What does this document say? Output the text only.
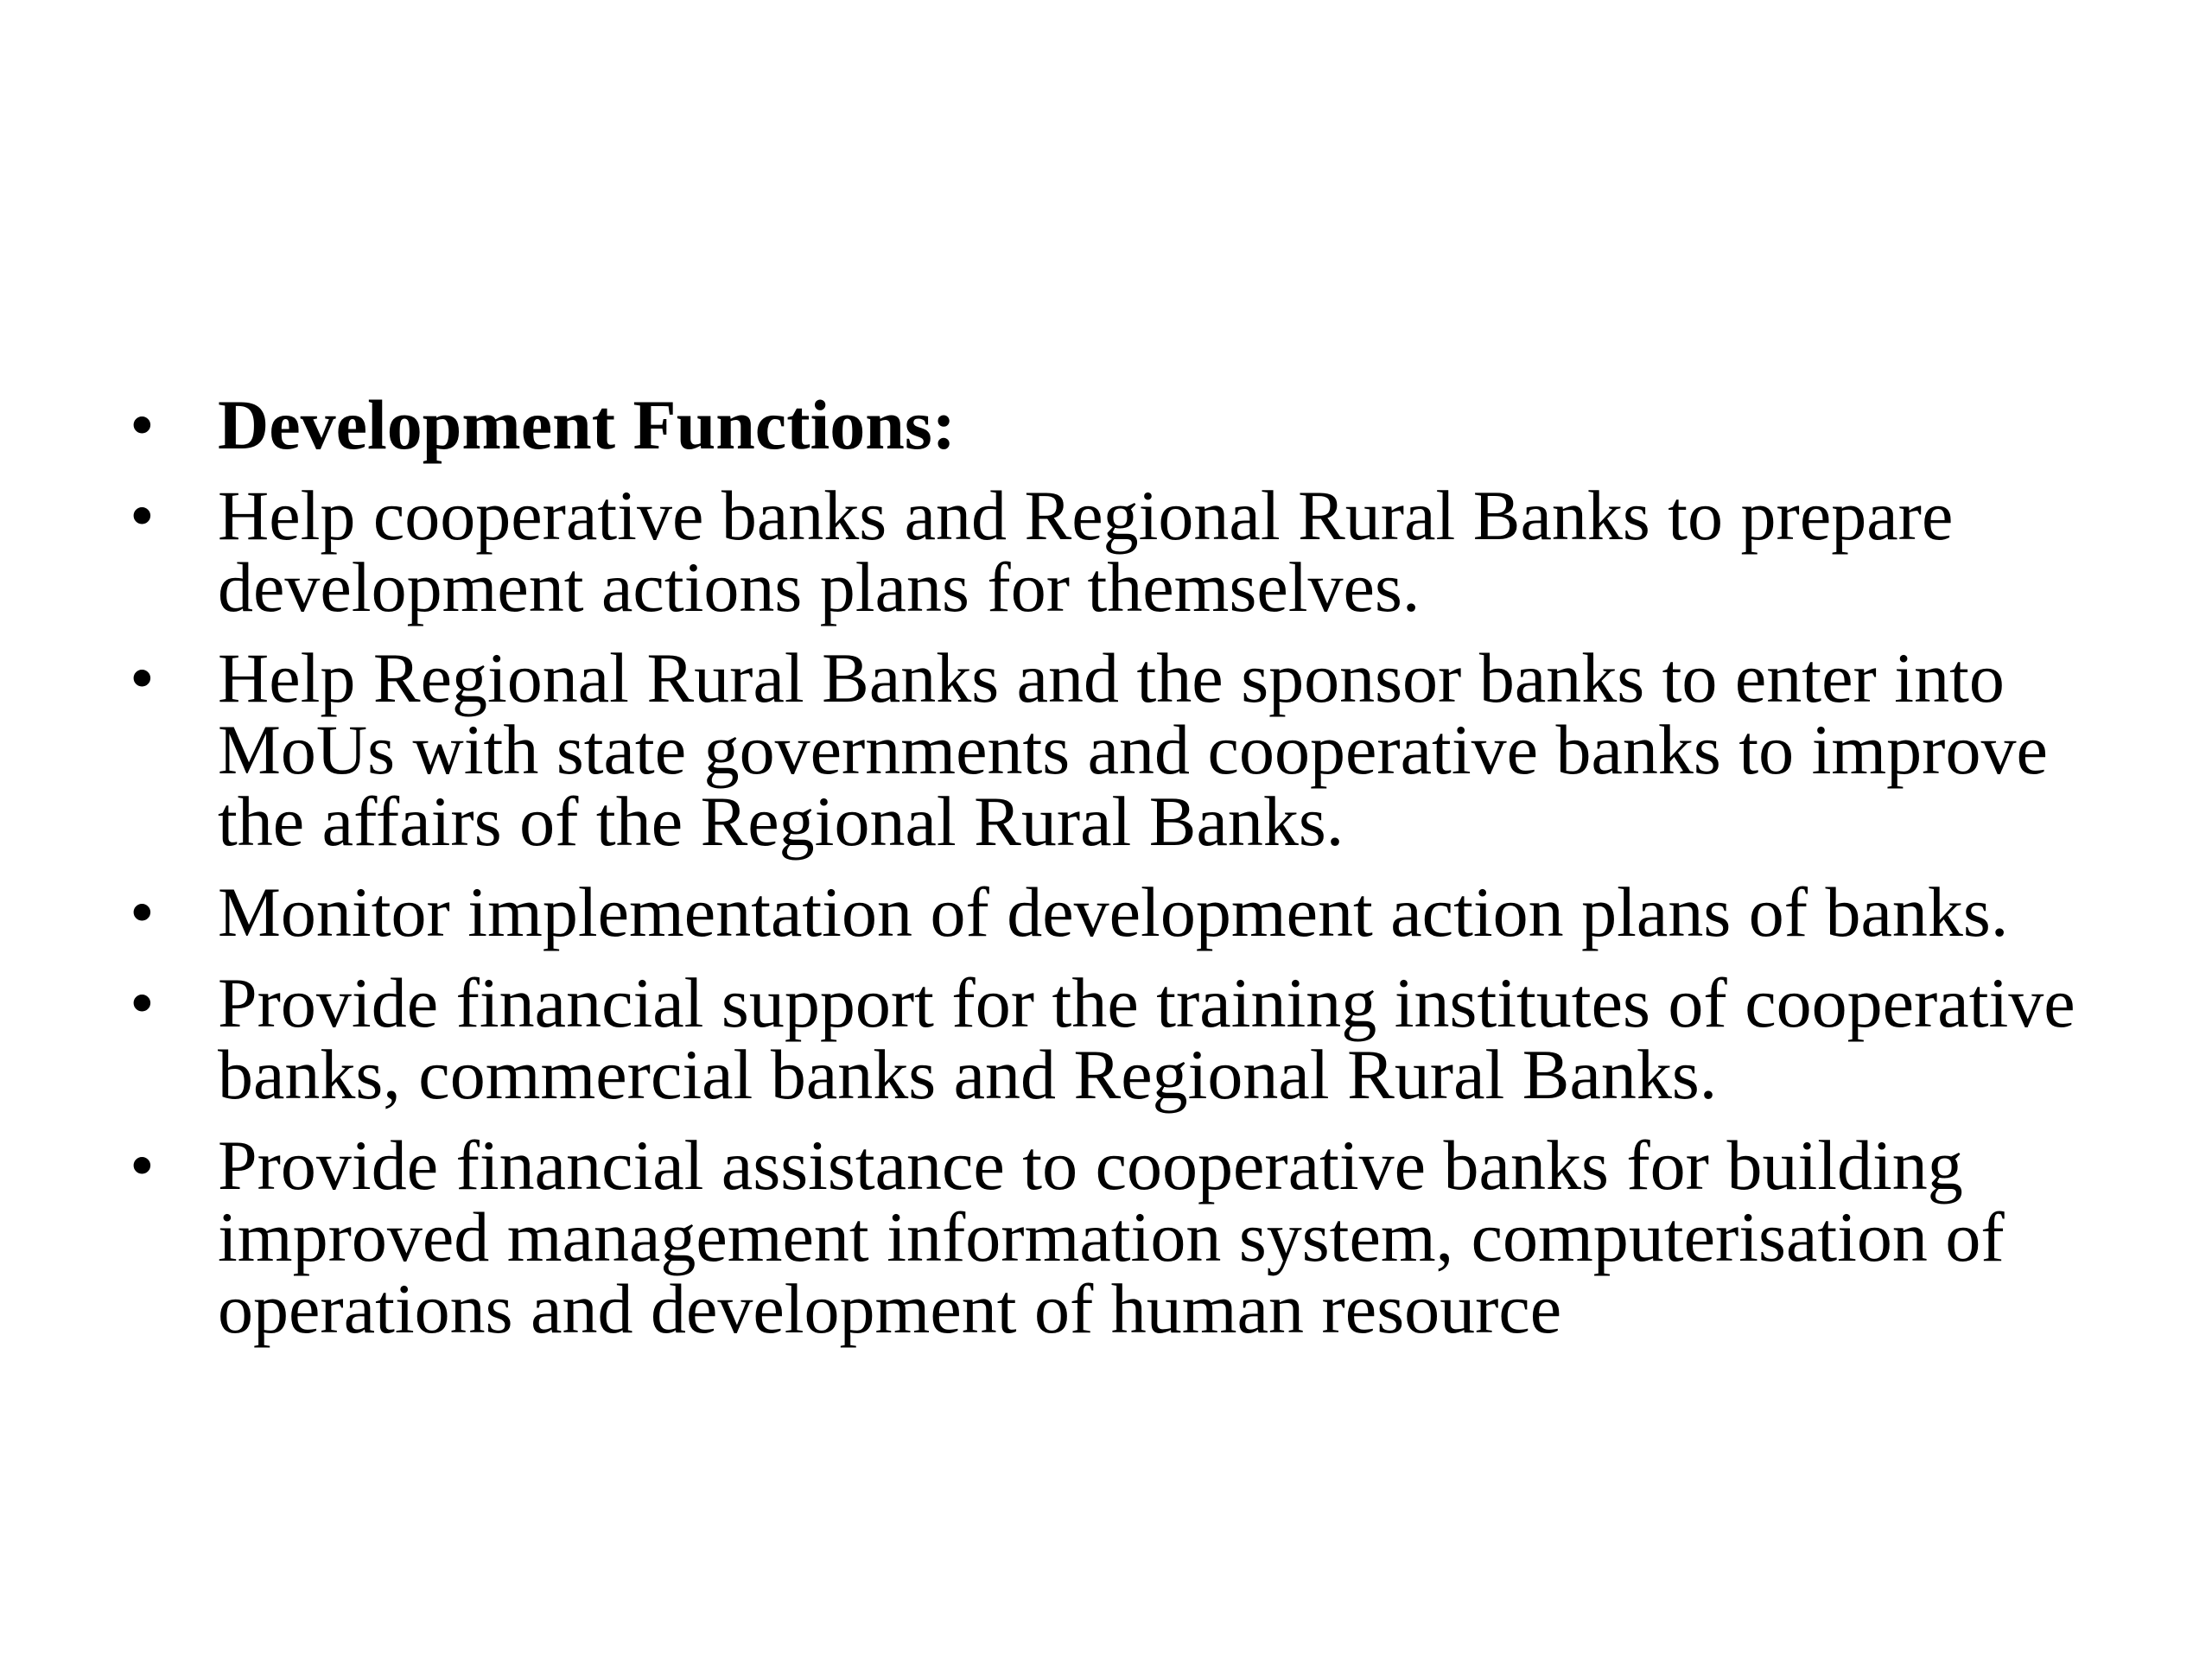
• Development Functions:
• Help cooperative banks and Regional Rural Banks to prepare development actions plans for themselves.
• Help Regional Rural Banks and the sponsor banks to enter into MoUs with state governments and cooperative banks to improve the affairs of the Regional Rural Banks.
• Monitor implementation of development action plans of banks.
• Provide financial support for the training institutes of cooperative banks, commercial banks and Regional Rural Banks.
• Provide financial assistance to cooperative banks for building improved management information system, computerisation of operations and development of human resource
